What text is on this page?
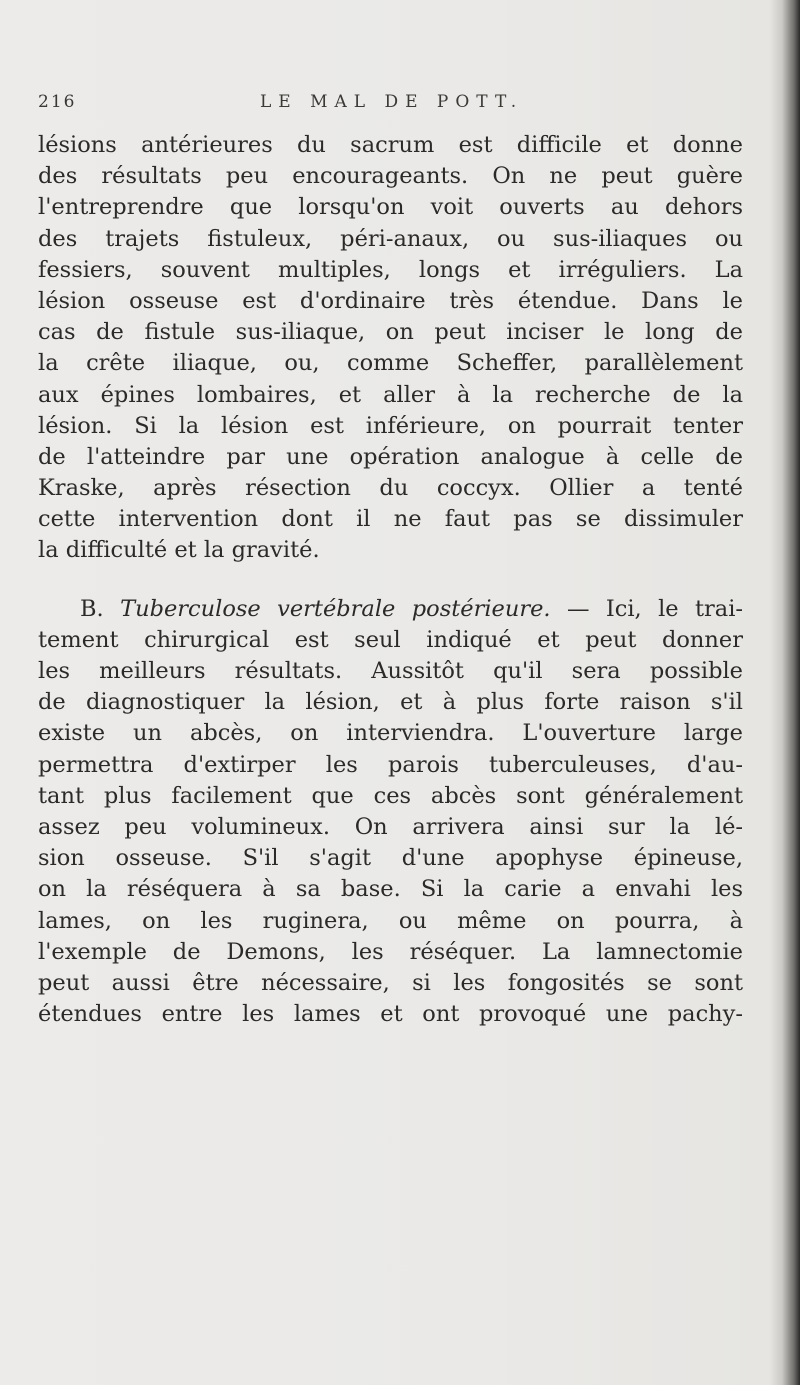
216	LE MAL DE POTT.
lésions antérieures du sacrum est difficile et donne
des résultats peu encourageants. On ne peut guère
l'entreprendre que lorsqu'on voit ouverts au dehors
des trajets fistuleux, péri-anaux, ou sus-iliaques ou
fessiers, souvent multiples, longs et irréguliers. La
lésion osseuse est d'ordinaire très étendue. Dans le
cas de fistule sus-iliaque, on peut inciser le long de
la crête iliaque, ou, comme Scheffer, parallèlement
aux épines lombaires, et aller à la recherche de la
lésion. Si la lésion est inférieure, on pourrait tenter
de l'atteindre par une opération analogue à celle de
Kraske, après résection du coccyx. Ollier a tenté
cette intervention dont il ne faut pas se dissimuler
la difficulté et la gravité.
B. Tuberculose vertébrale postérieure. — Ici, le trai-
tement chirurgical est seul indiqué et peut donner
les meilleurs résultats. Aussitôt qu'il sera possible
de diagnostiquer la lésion, et à plus forte raison s'il
existe un abcès, on interviendra. L'ouverture large
permettra d'extirper les parois tuberculeuses, d'au-
tant plus facilement que ces abcès sont généralement
assez peu volumineux. On arrivera ainsi sur la lé-
sion osseuse. S'il s'agit d'une apophyse épineuse,
on la réséquera à sa base. Si la carie a envahi les
lames, on les ruginera, ou même on pourra, à
l'exemple de Demons, les réséquer. La lamnectomie
peut aussi être nécessaire, si les fongosités se sont
étendues entre les lames et ont provoqué une pachy-
